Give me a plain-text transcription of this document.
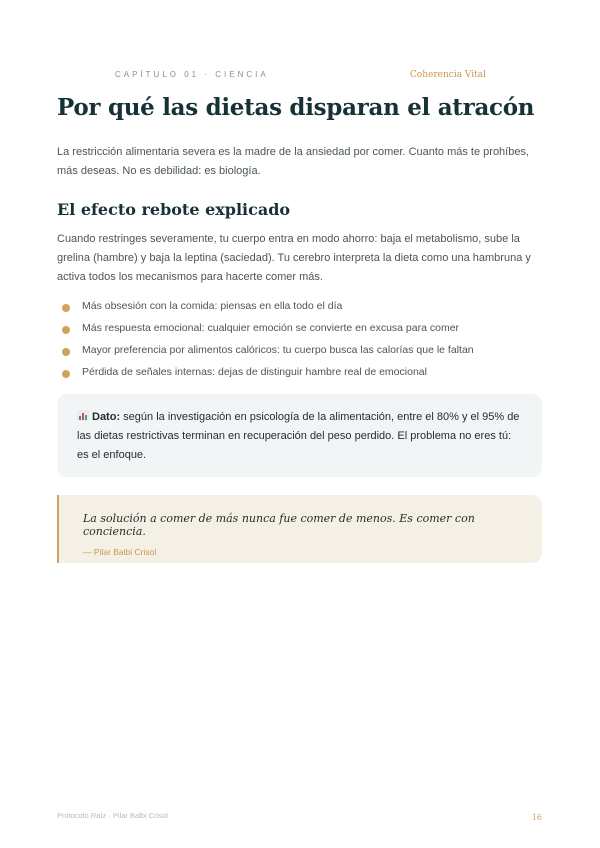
CAPÍTULO 01 · CIENCIA	Coherencia Vital
Por qué las dietas disparan el atracón

La restricción alimentaria severa es la madre de la ansiedad por comer. Cuanto más te prohíbes, más deseas. No es debilidad: es biología.

El efecto rebote explicado

Cuando restringes severamente, tu cuerpo entra en modo ahorro: baja el metabolismo, sube la grelina (hambre) y baja la leptina (saciedad). Tu cerebro interpreta la dieta como una hambruna y activa todos los mecanismos para hacerte comer más.

Más obsesión con la comida: piensas en ella todo el día
Más respuesta emocional: cualquier emoción se convierte en excusa para comer
Mayor preferencia por alimentos calóricos: tu cuerpo busca las calorías que le faltan
Pérdida de señales internas: dejas de distinguir hambre real de emocional
Dato: según la investigación en psicología de la alimentación, entre el 80% y el 95% de las dietas restrictivas terminan en recuperación del peso perdido. El problema no eres tú: es el enfoque.

La solución a comer de más nunca fue comer de menos. Es comer con conciencia.

— Pilar Balbi Crisol

Protocolo Raíz · Pilar Balbi Crisol	16
